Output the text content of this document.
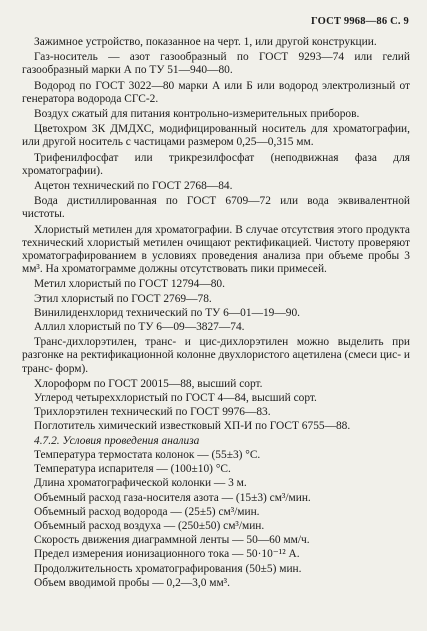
ГОСТ 9968—86 С. 9

Зажимное устройство, показанное на черт. 1, или другой конструкции.

Газ-носитель — азот газообразный по ГОСТ 9293—74 или гелий газообразный марки А по ТУ 51—940—80.

Водород по ГОСТ 3022—80 марки А или Б или водород электролизный от генератора водорода СГС-2.

Воздух сжатый для питания контрольно-измерительных приборов.

Цветохром 3К ДМДХС, модифицированный носитель для хроматографии, или другой носитель с частицами размером 0,25—0,315 мм.

Трифенилфосфат или трикрезилфосфат (неподвижная фаза для хроматографии).

Ацетон технический по ГОСТ 2768—84.

Вода дистиллированная по ГОСТ 6709—72 или вода эквивалентной чистоты.

Хлористый метилен для хроматографии. В случае отсутствия этого продукта технический хлористый метилен очищают ректификацией. Чистоту проверяют хроматографированием в условиях проведения анализа при объеме пробы 3 мм³. На хроматограмме должны отсутствовать пики примесей.

Метил хлористый по ГОСТ 12794—80.

Этил хлористый по ГОСТ 2769—78.

Винилиденхлорид технический по ТУ 6—01—19—90.

Аллил хлористый по ТУ 6—09—3827—74.

Транс-дихлорэтилен, транс- и цис-дихлорэтилен можно выделить при разгонке на ректификационной колонне двухлористого ацетилена (смеси цис- и транс- форм).

Хлороформ по ГОСТ 20015—88, высший сорт.

Углерод четыреххлористый по ГОСТ 4—84, высший сорт.

Трихлорэтилен технический по ГОСТ 9976—83.

Поглотитель химический известковый ХП-И по ГОСТ 6755—88.

4.7.2. Условия проведения анализа

Температура термостата колонок — (55±3) °С.

Температура испарителя — (100±10) °С.

Длина хроматографической колонки — 3 м.

Объемный расход газа-носителя азота — (15±3) см³/мин.

Объемный расход водорода — (25±5) см³/мин.

Объемный расход воздуха — (250±50) см³/мин.

Скорость движения диаграммной ленты — 50—60 мм/ч.

Предел измерения ионизационного тока — 50·10⁻¹² А.

Продолжительность хроматографирования (50±5) мин.

Объем вводимой пробы — 0,2—3,0 мм³.
